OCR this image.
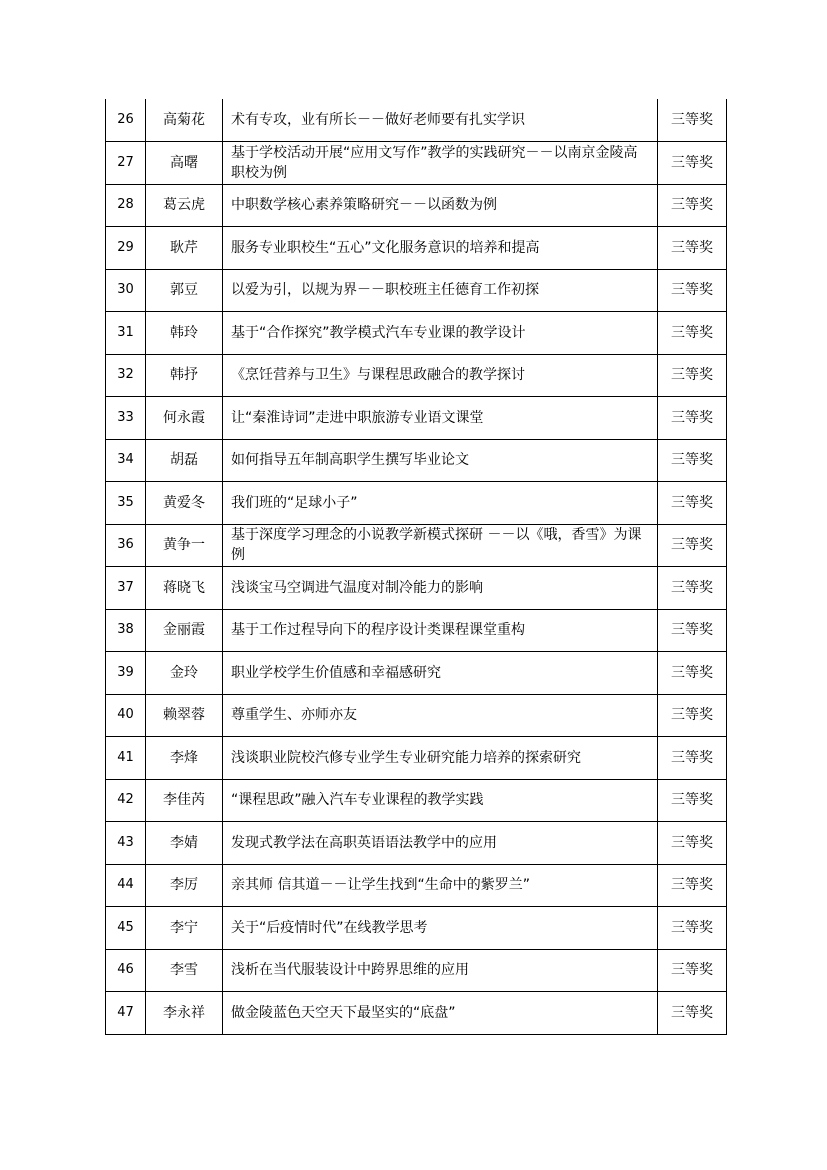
26	高菊花	术有专攻，业有所长－－做好老师要有扎实学识	三等奖
27	高曙	基于学校活动开展“应用文写作”教学的实践研究－－以南京金陵高职校为例	三等奖
28	葛云虎	中职数学核心素养策略研究－－以函数为例	三等奖
29	耿芹	服务专业职校生“五心”文化服务意识的培养和提高	三等奖
30	郭豆	以爱为引，以规为界－－职校班主任德育工作初探	三等奖
31	韩玲	基于“合作探究”教学模式汽车专业课的教学设计	三等奖
32	韩抒	《烹饪营养与卫生》与课程思政融合的教学探讨	三等奖
33	何永霞	让“秦淮诗词”走进中职旅游专业语文课堂	三等奖
34	胡磊	如何指导五年制高职学生撰写毕业论文	三等奖
35	黄爱冬	我们班的“足球小子”	三等奖
36	黄争一	基于深度学习理念的小说教学新模式探研 －－以《哦，香雪》为课例	三等奖
37	蒋晓飞	浅谈宝马空调进气温度对制冷能力的影响	三等奖
38	金丽霞	基于工作过程导向下的程序设计类课程课堂重构	三等奖
39	金玲	职业学校学生价值感和幸福感研究	三等奖
40	赖翠蓉	尊重学生、亦师亦友	三等奖
41	李烽	浅谈职业院校汽修专业学生专业研究能力培养的探索研究	三等奖
42	李佳芮	“课程思政”融入汽车专业课程的教学实践	三等奖
43	李婧	发现式教学法在高职英语语法教学中的应用	三等奖
44	李厉	亲其师 信其道－－让学生找到“生命中的紫罗兰”	三等奖
45	李宁	关于“后疫情时代”在线教学思考	三等奖
46	李雪	浅析在当代服装设计中跨界思维的应用	三等奖
47	李永祥	做金陵蓝色天空天下最坚实的“底盘”	三等奖
